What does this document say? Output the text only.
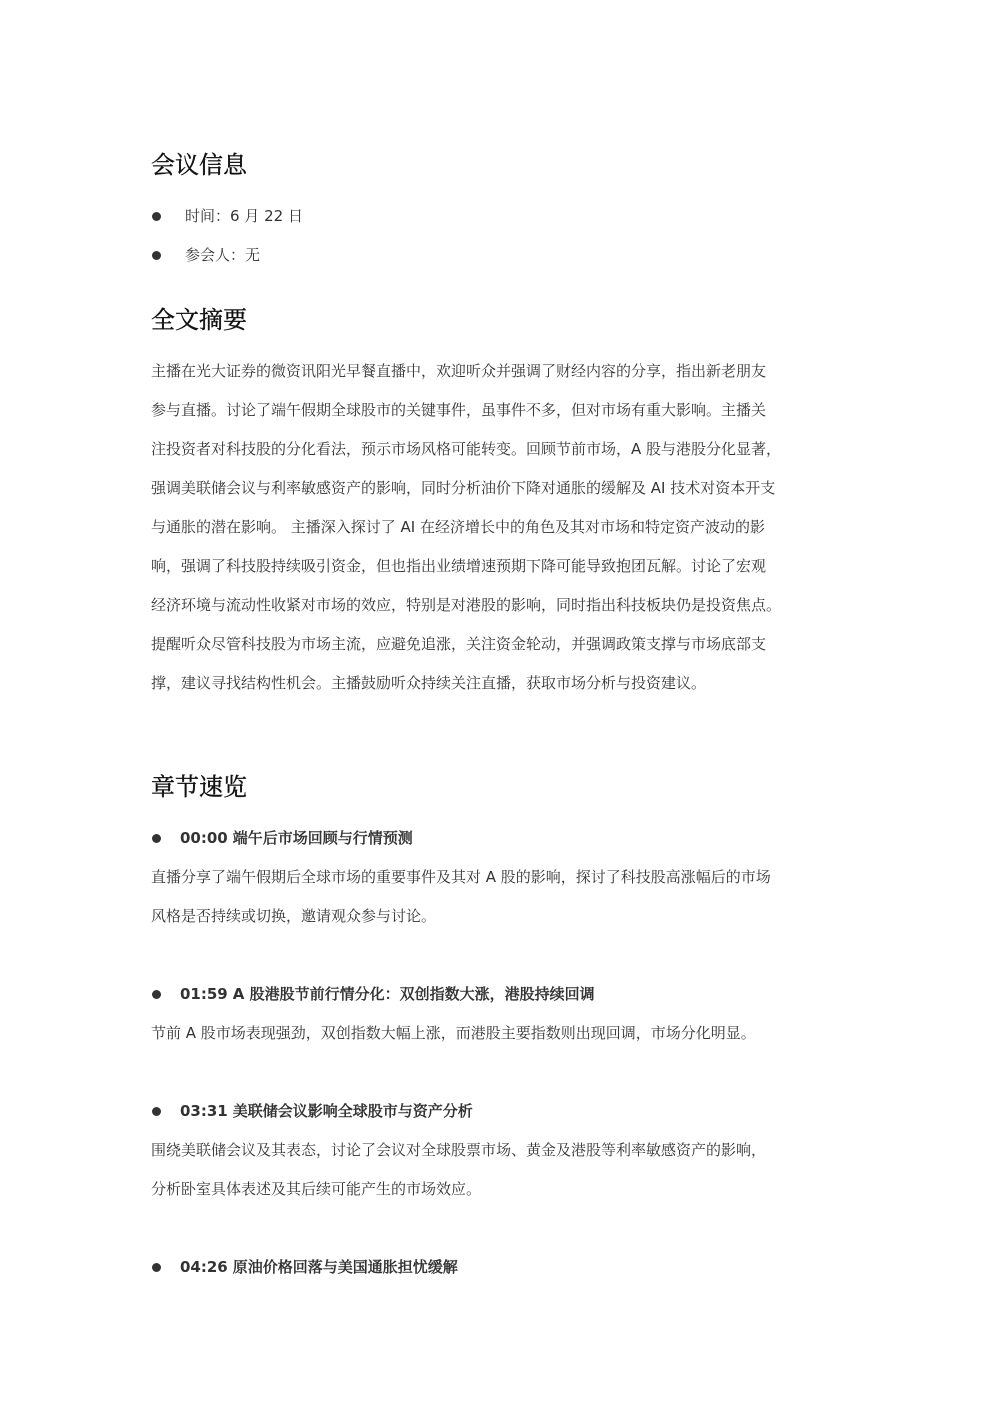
会议信息
时间：6 月 22 日
参会人：无
全文摘要
主播在光大证券的微资讯阳光早餐直播中，欢迎听众并强调了财经内容的分享，指出新老朋友
参与直播。讨论了端午假期全球股市的关键事件，虽事件不多，但对市场有重大影响。主播关
注投资者对科技股的分化看法，预示市场风格可能转变。回顾节前市场，A 股与港股分化显著，
强调美联储会议与利率敏感资产的影响，同时分析油价下降对通胀的缓解及 AI 技术对资本开支
与通胀的潜在影响。 主播深入探讨了 AI 在经济增长中的角色及其对市场和特定资产波动的影
响，强调了科技股持续吸引资金，但也指出业绩增速预期下降可能导致抱团瓦解。讨论了宏观
经济环境与流动性收紧对市场的效应，特别是对港股的影响，同时指出科技板块仍是投资焦点。
提醒听众尽管科技股为市场主流，应避免追涨，关注资金轮动，并强调政策支撑与市场底部支
撑，建议寻找结构性机会。主播鼓励听众持续关注直播，获取市场分析与投资建议。
章节速览
00:00 端午后市场回顾与行情预测
直播分享了端午假期后全球市场的重要事件及其对 A 股的影响，探讨了科技股高涨幅后的市场
风格是否持续或切换，邀请观众参与讨论。
01:59 A 股港股节前行情分化：双创指数大涨，港股持续回调
节前 A 股市场表现强劲，双创指数大幅上涨，而港股主要指数则出现回调，市场分化明显。
03:31 美联储会议影响全球股市与资产分析
围绕美联储会议及其表态，讨论了会议对全球股票市场、黄金及港股等利率敏感资产的影响，
分析卧室具体表述及其后续可能产生的市场效应。
04:26 原油价格回落与美国通胀担忧缓解
